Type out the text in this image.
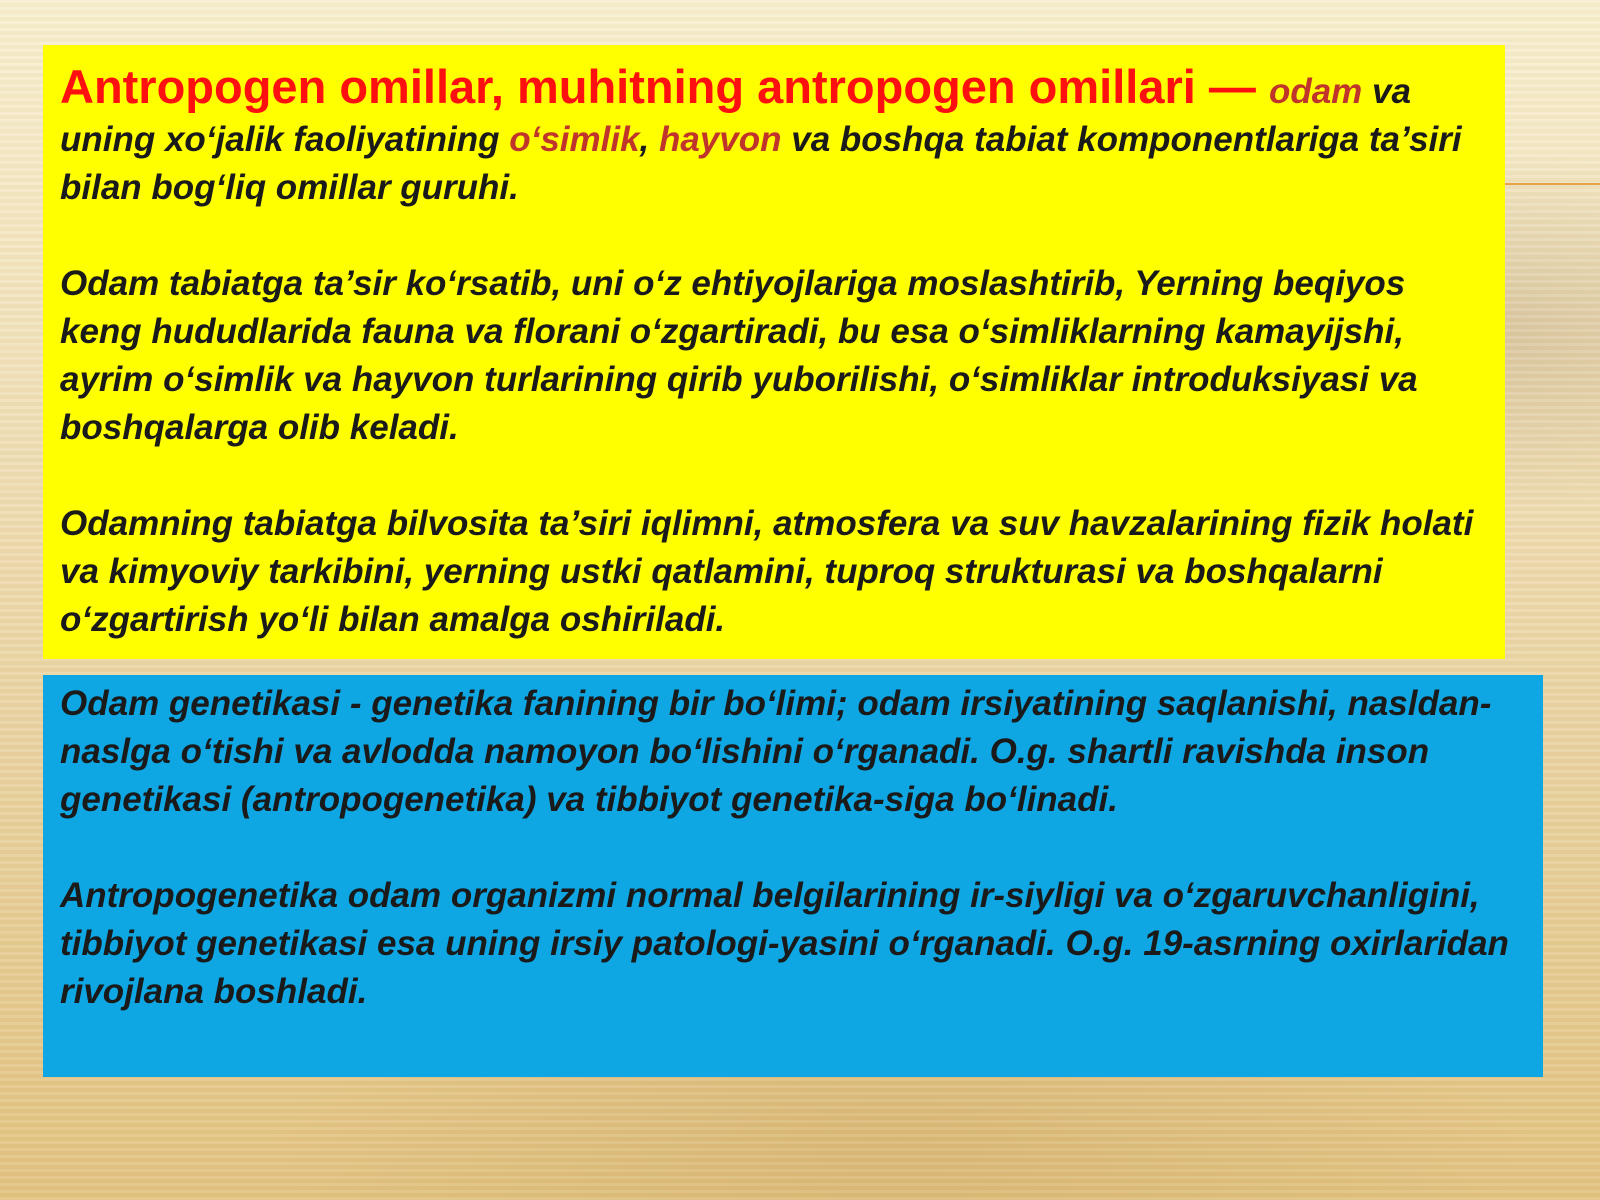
Antropogen omillar, muhitning antropogen omillari — odam va uning xo‘jalik faoliyatining o‘simlik, hayvon va boshqa tabiat komponentlariga ta’siri bilan bog‘liq omillar guruhi.

Odam tabiatga ta’sir ko‘rsatib, uni o‘z ehtiyojlariga moslashtirib, Yerning beqiyos keng hududlarida fauna va florani o‘zgartiradi, bu esa o‘simliklarning kamayijshi, ayrim o‘simlik va hayvon turlarining qirib yuborilishi, o‘simliklar introduksiyasi va boshqalarga olib keladi.

Odamning tabiatga bilvosita ta’siri iqlimni, atmosfera va suv havzalarining fizik holati va kimyoviy tarkibini, yerning ustki qatlamini, tuproq strukturasi va boshqalarni o‘zgartirish yo‘li bilan amalga oshiriladi.

Odam genetikasi - genetika fanining bir bo‘limi; odam irsiyatining saqlanishi, nasldan-naslga o‘tishi va avlodda namoyon bo‘lishini o‘rganadi. O.g. shartli ravishda inson genetikasi (antropogenetika) va tibbiyot genetika-siga bo‘linadi.

Antropogenetika odam organizmi normal belgilarining ir-siyligi va o‘zgaruvchanligini, tibbiyot genetikasi esa uning irsiy patologi-yasini o‘rganadi. O.g. 19-asrning oxirlaridan rivojlana boshladi.
